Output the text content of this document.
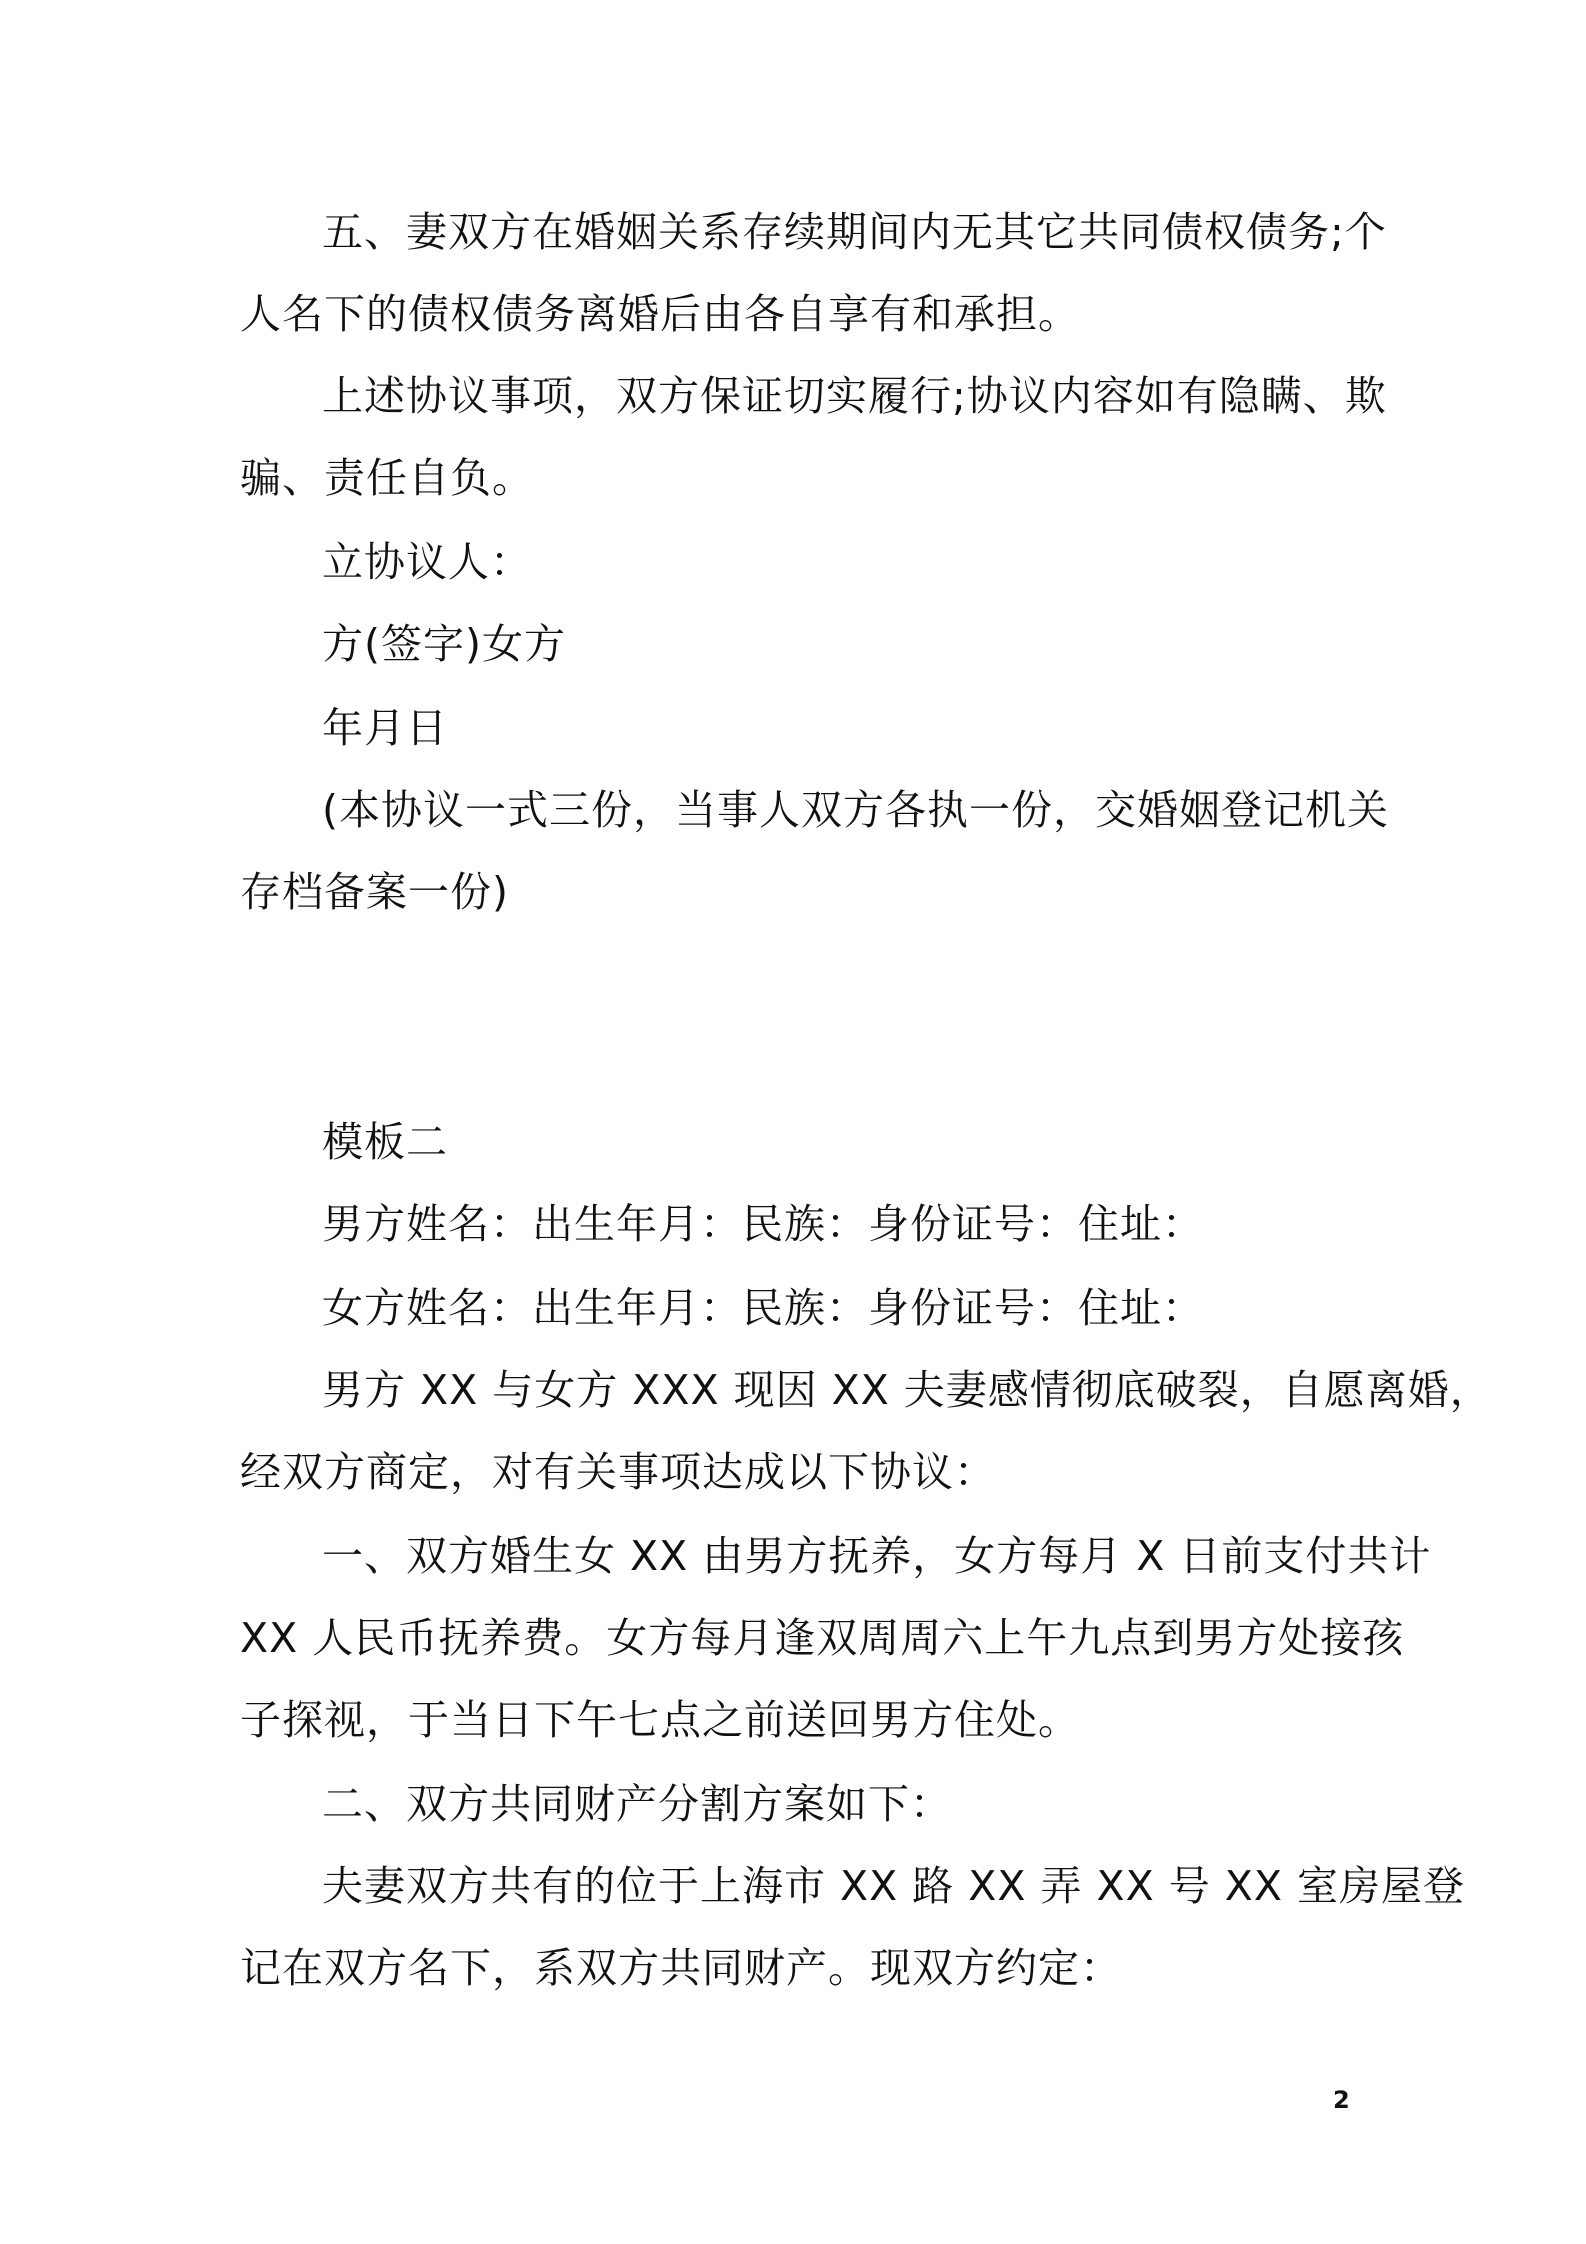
五、妻双方在婚姻关系存续期间内无其它共同债权债务;个
人名下的债权债务离婚后由各自享有和承担。
上述协议事项，双方保证切实履行;协议内容如有隐瞒、欺
骗、责任自负。
立协议人：
方(签字)女方
年月日
(本协议一式三份，当事人双方各执一份，交婚姻登记机关
存档备案一份)
模板二
男方姓名：出生年月：民族：身份证号：住址：
女方姓名：出生年月：民族：身份证号：住址：
男方 XX 与女方 XXX 现因 XX 夫妻感情彻底破裂，自愿离婚，
经双方商定，对有关事项达成以下协议：
一、双方婚生女 XX 由男方抚养，女方每月 X 日前支付共计
XX 人民币抚养费。女方每月逢双周周六上午九点到男方处接孩
子探视，于当日下午七点之前送回男方住处。
二、双方共同财产分割方案如下：
夫妻双方共有的位于上海市 XX 路 XX 弄 XX 号 XX 室房屋登
记在双方名下，系双方共同财产。现双方约定：
2
